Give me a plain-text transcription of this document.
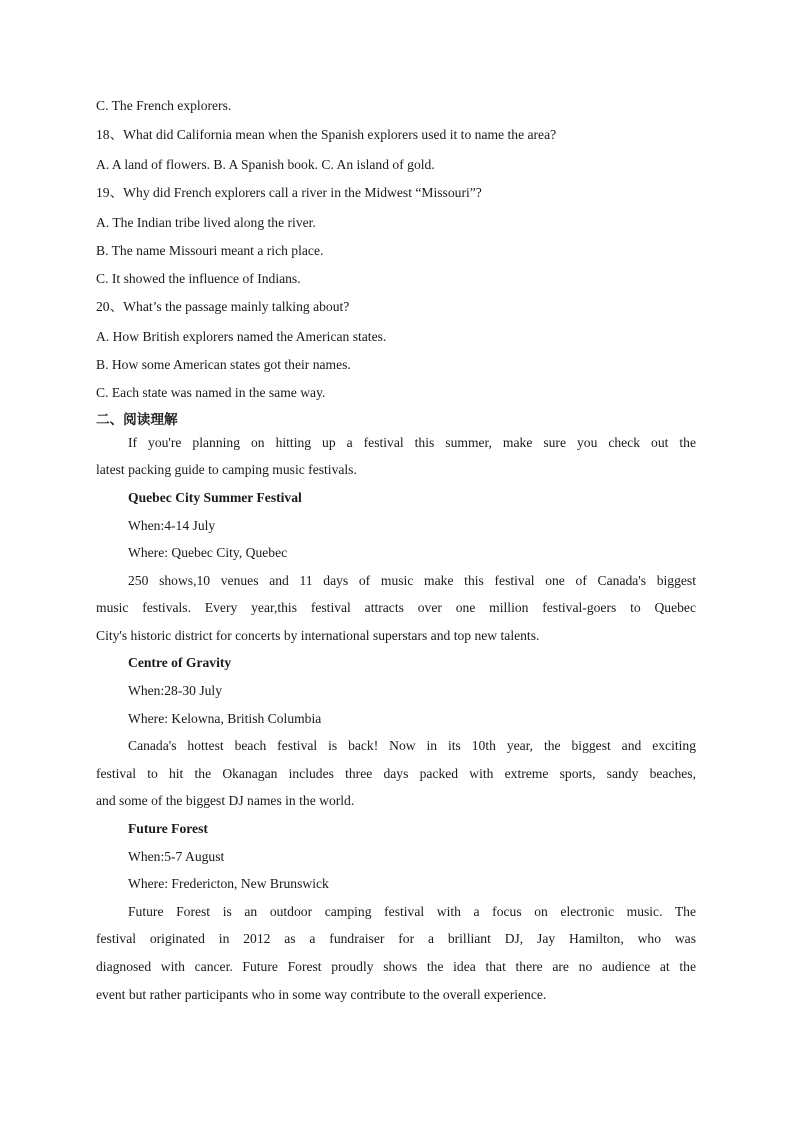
C. The French explorers.
18、What did California mean when the Spanish explorers used it to name the area?
A. A land of flowers. B. A Spanish book. C. An island of gold.
19、Why did French explorers call a river in the Midwest “Missouri”?
A. The Indian tribe lived along the river.
B. The name Missouri meant a rich place.
C. It showed the influence of Indians.
20、What’s the passage mainly talking about?
A. How British explorers named the American states.
B. How some American states got their names.
C. Each state was named in the same way.
二、阅读理解
If you're planning on hitting up a festival this summer, make sure you check out the
latest packing guide to camping music festivals.
Quebec City Summer Festival
When:4-14 July
Where: Quebec City, Quebec
250 shows,10 venues and 11 days of music make this festival one of Canada's biggest
music festivals. Every year,this festival attracts over one million festival-goers to Quebec
City's historic district for concerts by international superstars and top new talents.
Centre of Gravity
When:28-30 July
Where: Kelowna, British Columbia
Canada's hottest beach festival is back! Now in its 10th year, the biggest and exciting
festival to hit the Okanagan includes three days packed with extreme sports, sandy beaches,
and some of the biggest DJ names in the world.
Future Forest
When:5-7 August
Where: Fredericton, New Brunswick
Future Forest is an outdoor camping festival with a focus on electronic music. The
festival originated in 2012 as a fundraiser for a brilliant DJ, Jay Hamilton, who was
diagnosed with cancer. Future Forest proudly shows the idea that there are no audience at the
event but rather participants who in some way contribute to the overall experience.
